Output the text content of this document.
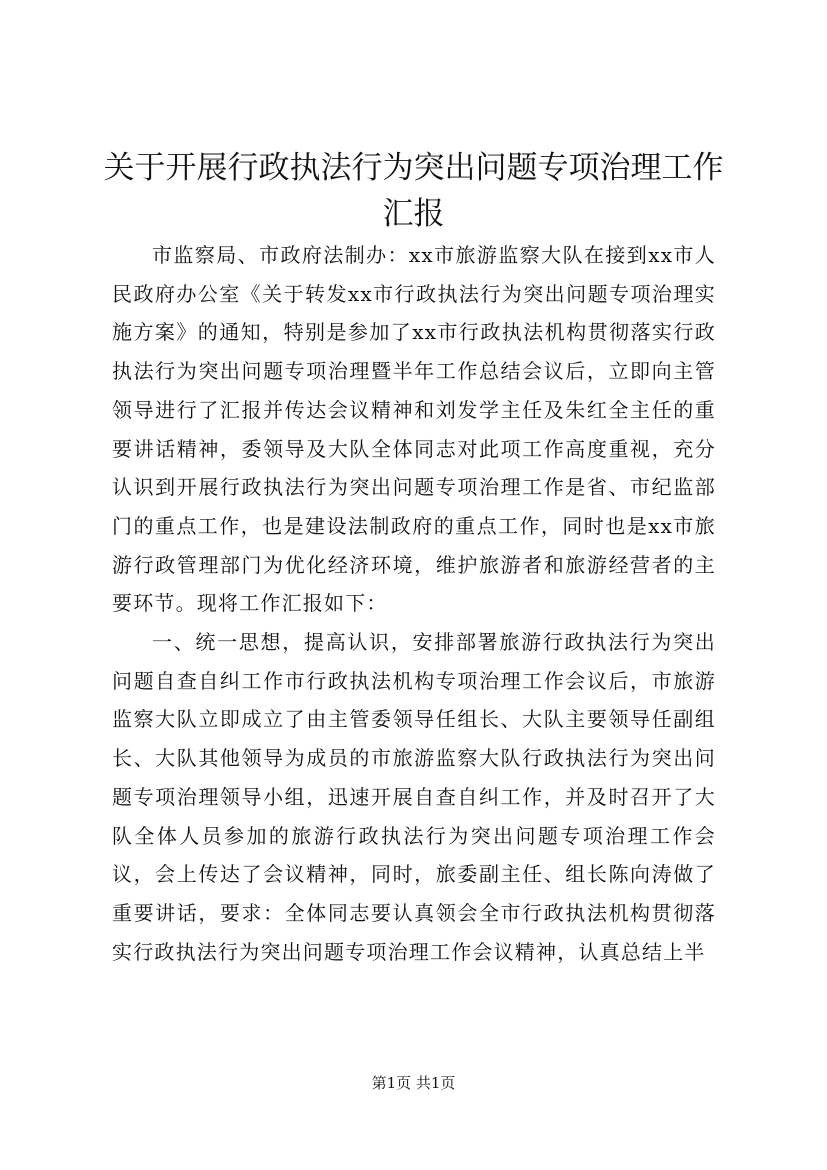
关于开展行政执法行为突出问题专项治理工作
汇报

市监察局、市政府法制办：xx市旅游监察大队在接到xx市人民政府办公室《关于转发xx市行政执法行为突出问题专项治理实施方案》的通知，特别是参加了xx市行政执法机构贯彻落实行政执法行为突出问题专项治理暨半年工作总结会议后，立即向主管领导进行了汇报并传达会议精神和刘发学主任及朱红全主任的重要讲话精神，委领导及大队全体同志对此项工作高度重视，充分认识到开展行政执法行为突出问题专项治理工作是省、市纪监部门的重点工作，也是建设法制政府的重点工作，同时也是xx市旅游行政管理部门为优化经济环境，维护旅游者和旅游经营者的主要环节。现将工作汇报如下：

一、统一思想，提高认识，安排部署旅游行政执法行为突出问题自查自纠工作市行政执法机构专项治理工作会议后，市旅游监察大队立即成立了由主管委领导任组长、大队主要领导任副组长、大队其他领导为成员的市旅游监察大队行政执法行为突出问题专项治理领导小组，迅速开展自查自纠工作，并及时召开了大队全体人员参加的旅游行政执法行为突出问题专项治理工作会议，会上传达了会议精神，同时，旅委副主任、组长陈向涛做了重要讲话，要求：全体同志要认真领会全市行政执法机构贯彻落实行政执法行为突出问题专项治理工作会议精神，认真总结上半

第1页 共1页
